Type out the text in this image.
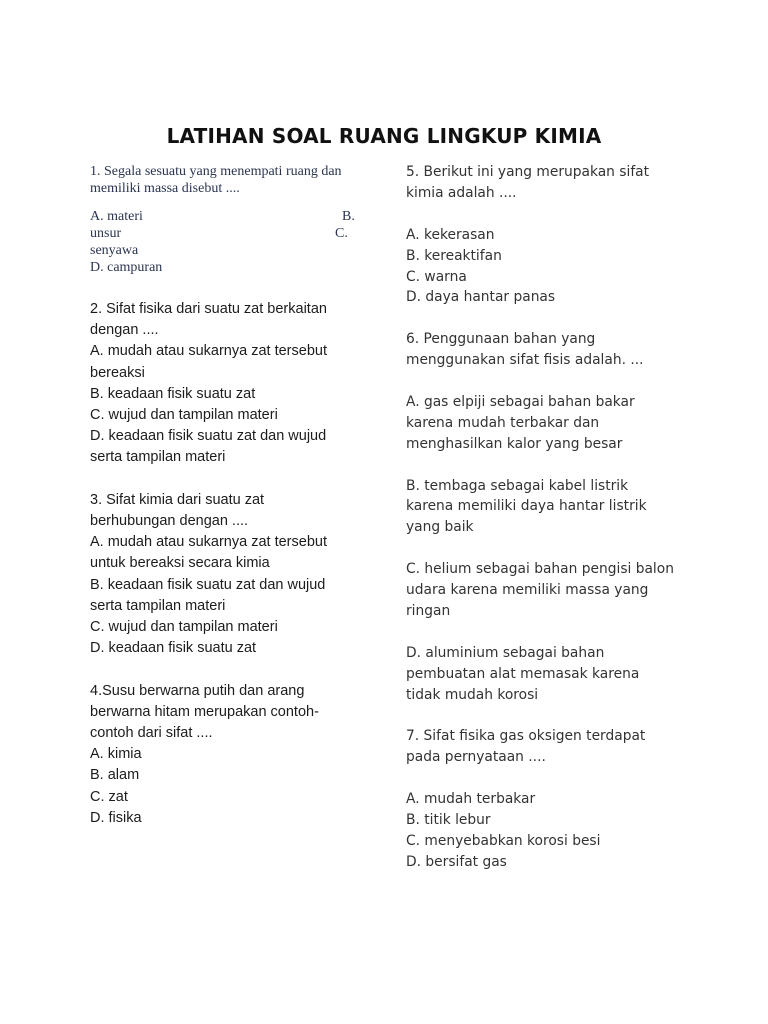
LATIHAN SOAL RUANG LINGKUP KIMIA
1. Segala sesuatu yang menempati ruang dan
memiliki massa disebut ....
A. materi	B.
unsur	C.
senyawa
D. campuran
2. Sifat fisika dari suatu zat berkaitan
dengan ....
A. mudah atau sukarnya zat tersebut
bereaksi
B. keadaan fisik suatu zat
C. wujud dan tampilan materi
D. keadaan fisik suatu zat dan wujud
serta tampilan materi
3. Sifat kimia dari suatu zat
berhubungan dengan ....
A. mudah atau sukarnya zat tersebut
untuk bereaksi secara kimia
B. keadaan fisik suatu zat dan wujud
serta tampilan materi
C. wujud dan tampilan materi
D. keadaan fisik suatu zat
4.Susu berwarna putih dan arang
berwarna hitam merupakan contoh-
contoh dari sifat ....
A. kimia
B. alam
C. zat
D. fisika
5. Berikut ini yang merupakan sifat
kimia adalah ....
A. kekerasan
B. kereaktifan
C. warna
D. daya hantar panas
6. Penggunaan bahan yang
menggunakan sifat fisis adalah. ...
A. gas elpiji sebagai bahan bakar
karena mudah terbakar dan
menghasilkan kalor yang besar
B. tembaga sebagai kabel listrik
karena memiliki daya hantar listrik
yang baik
C. helium sebagai bahan pengisi balon
udara karena memiliki massa yang
ringan
D. aluminium sebagai bahan
pembuatan alat memasak karena
tidak mudah korosi
7. Sifat fisika gas oksigen terdapat
pada pernyataan ....
A. mudah terbakar
B. titik lebur
C. menyebabkan korosi besi
D. bersifat gas
